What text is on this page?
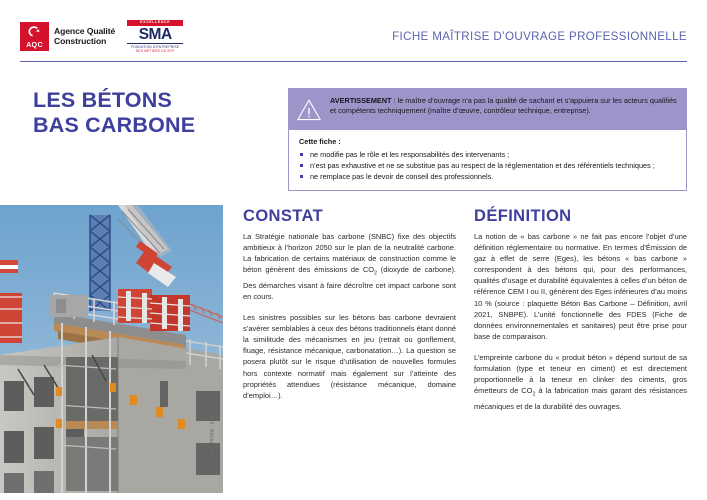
AQC
Agence Qualité
Construction
EXCELLENCE
SMA
FONDATION D'ENTREPRISE
DES MÉTIERS DU BTP
FICHE MAÎTRISE D’OUVRAGE PROFESSIONNELLE
LES BÉTONS
BAS CARBONE
AVERTISSEMENT : le maître d’ouvrage n’a pas la qualité de sachant et s’appuiera sur les acteurs qualifiés et compétents techniquement (maître d’œuvre, contrôleur technique, entreprise).
Cette fiche :
ne modifie pas le rôle et les responsabilités des intervenants ;
n’est pas exhaustive et ne se substitue pas au respect de la réglementation et des référentiels techniques ;
ne remplace pas le devoir de conseil des professionnels.
Crédit : Adobe Stock
CONSTAT

La Stratégie nationale bas carbone (SNBC) fixe des objectifs ambitieux à l’horizon 2050 sur le plan de la neutralité carbone. La fabrication de certains matériaux de construction comme le béton génèrent des émissions de $CO_2$ (dioxyde de carbone). Des démarches visant à faire décroître cet impact carbone sont en cours.

Les sinistres possibles sur les bétons bas carbone devraient s’avérer semblables à ceux des bétons traditionnels étant donné la similitude des mécanismes en jeu (retrait ou gonflement, fluage, résistance mécanique, carbonatation…). La question se posera plutôt sur le risque d’utilisation de nouvelles formules hors contexte normatif mais également sur l’atteinte des propriétés attendues (résistance mécanique, domaine d’emploi…).

DÉFINITION

La notion de « bas carbone » ne fait pas encore l’objet d’une définition réglementaire ou normative. En termes d’Émission de gaz à effet de serre (Eges), les bétons « bas carbone » correspondent à des bétons qui, pour des performances, qualités d’usage et durabilité équivalentes à celles d’un béton de référence CEM I ou II, génèrent des Eges inférieures d’au moins 10 % (source : plaquette Béton Bas Carbone – Définition, avril 2021, SNBPE). L’unité fonctionnelle des FDES (Fiche de données environnementales et sanitaires) peut être prise pour base de comparaison.

L’empreinte carbone du « produit béton » dépend surtout de sa formulation (type et teneur en ciment) et est directement proportionnelle à la teneur en clinker des ciments, gros émetteurs de $CO_2$ à la fabrication mais garant des résistances mécaniques et de la durabilité des ouvrages.
